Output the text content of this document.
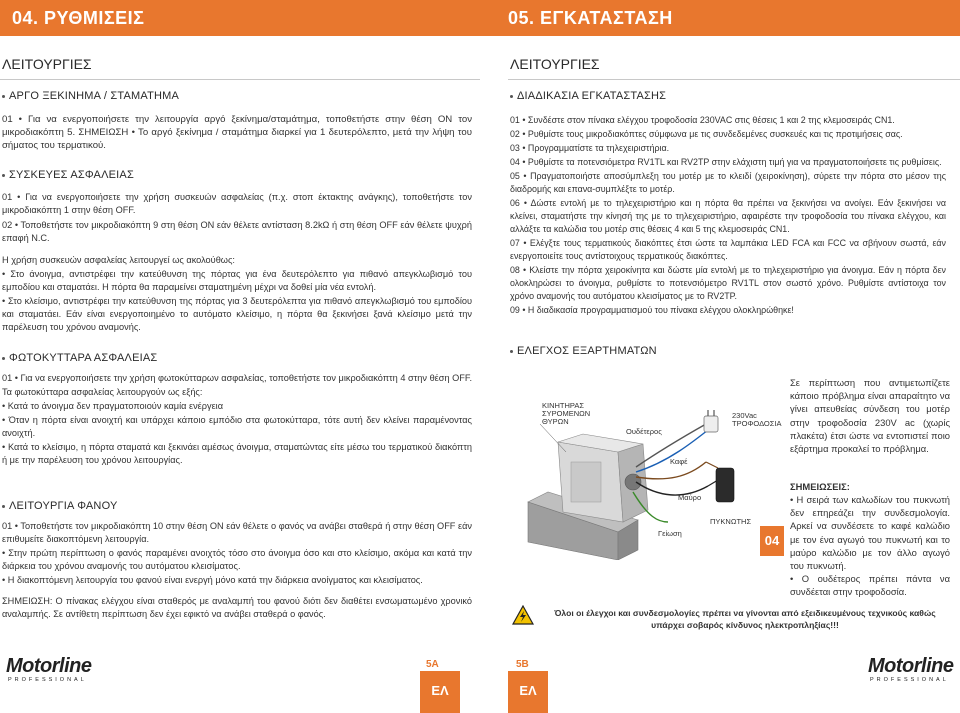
04. ΡΥΘΜΙΣΕΙΣ
ΛΕΙΤΟΥΡΓΙΕΣ
ΑΡΓΟ ΞΕΚΙΝΗΜΑ / ΣΤΑΜΑΤΗΜΑ

01 • Για να ενεργοποιήσετε την λειτουργία αργό ξεκίνημα/σταμάτημα, τοποθετήστε στην θέση ON τον μικροδιακόπτη 5. ΣΗΜΕΙΩΣΗ • Το αργό ξεκίνημα / σταμάτημα διαρκεί για 1 δευτερόλεπτο, μετά την λήψη του σήματος του τερματικού.

ΣΥΣΚΕΥΕΣ ΑΣΦΑΛΕΙΑΣ

01 • Για να ενεργοποιήσετε την χρήση συσκευών ασφαλείας (π.χ. στοπ έκτακτης ανάγκης), τοποθετήστε τον μικροδιακόπτη 1 στην θέση OFF.

02 • Τοποθετήστε τον μικροδιακόπτη 9 στη θέση ON εάν θέλετε αντίσταση 8.2kΩ ή στη θέση OFF εάν θέλετε ψυχρή επαφή N.C.

Η χρήση συσκευών ασφαλείας λειτουργεί ως ακολούθως:

• Στο άνοιγμα, αντιστρέφει την κατεύθυνση της πόρτας για ένα δευτερόλεπτο για πιθανό απεγκλωβισμό του εμποδίου και σταματάει. Η πόρτα θα παραμείνει σταματημένη μέχρι να δοθεί μία νέα εντολή.

• Στο κλείσιμο, αντιστρέφει την κατεύθυνση της πόρτας για 3 δευτερόλεπτα για πιθανό απεγκλωβισμό του εμποδίου και σταματάει. Εάν είναι ενεργοποιημένο το αυτόματο κλείσιμο, η πόρτα θα ξεκινήσει ξανά κλείσιμο μετά την παρέλευση του χρόνου αναμονής.

ΦΩΤΟΚΥΤΤΑΡΑ ΑΣΦΑΛΕΙΑΣ

01 • Για να ενεργοποιήσετε την χρήση φωτοκύτταρων ασφαλείας, τοποθετήστε τον μικροδιακόπτη 4 στην θέση OFF.

Τα φωτοκύτταρα ασφαλείας λειτουργούν ως εξής:

• Κατά το άνοιγμα δεν πραγματοποιούν καμία ενέργεια

• Όταν η πόρτα είναι ανοιχτή και υπάρχει κάποιο εμπόδιο στα φωτοκύτταρα, τότε αυτή δεν κλείνει παραμένοντας ανοιχτή.

• Κατά το κλείσιμο, η πόρτα σταματά και ξεκινάει αμέσως άνοιγμα, σταματώντας είτε μέσω του τερματικού διακόπτη ή με την παρέλευση του χρόνου λειτουργίας.

ΛΕΙΤΟΥΡΓΙΑ ΦΑΝΟΥ

01 • Τοποθετήστε τον μικροδιακόπτη 10 στην θέση ON εάν θέλετε ο φανός να ανάβει σταθερά ή στην θέση OFF εάν επιθυμείτε διακοπτόμενη λειτουργία.

• Στην πρώτη περίπτωση ο φανός παραμένει ανοιχτός τόσο στο άνοιγμα όσο και στο κλείσιμο, ακόμα και κατά την διάρκεια του χρόνου αναμονής του αυτόματου κλεισίματος.

• Η διακοπτόμενη λειτουργία του φανού είναι ενεργή μόνο κατά την διάρκεια ανοίγματος και κλεισίματος.

ΣΗΜΕΙΩΣΗ: Ο πίνακας ελέγχου είναι σταθερός με αναλαμπή του φανού διότι δεν διαθέτει ενσωματωμένο χρονικό αναλαμπής. Σε αντίθετη περίπτωση δεν έχει εφικτό να ανάβει σταθερά ο φανός.

Motorline
PROFESSIONAL
5A
ΕΛ
05. ΕΓΚΑΤΑΣΤΑΣΗ
ΛΕΙΤΟΥΡΓΙΕΣ
ΔΙΑΔΙΚΑΣΙΑ ΕΓΚΑΤΑΣΤΑΣΗΣ

01 • Συνδέστε στον πίνακα ελέγχου τροφοδοσία 230VAC στις θέσεις 1 και 2 της κλεμοσειράς CN1.

02 • Ρυθμίστε τους μικροδιακόπτες σύμφωνα με τις συνδεδεμένες συσκευές και τις προτιμήσεις σας.

03 • Προγραμματίστε τα τηλεχειριστήρια.

04 • Ρυθμίστε τα ποτενσιόμετρα RV1TL και RV2TP στην ελάχιστη τιμή για να πραγματοποιήσετε τις ρυθμίσεις.

05 • Πραγματοποιήστε αποσύμπλεξη του μοτέρ με το κλειδί (χειροκίνηση), σύρετε την πόρτα στο μέσον της διαδρομής και επανα-συμπλέξτε το μοτέρ.

06 • Δώστε εντολή με το τηλεχειριστήριο και η πόρτα θα πρέπει να ξεκινήσει να ανοίγει. Εάν ξεκινήσει να κλείνει, σταματήστε την κίνησή της με το τηλεχειριστήριο, αφαιρέστε την τροφοδοσία του πίνακα ελέγχου, και αλλάξτε τα καλώδια του μοτέρ στις θέσεις 4 και 5 της κλεμοσειράς CN1.

07 • Ελέγξτε τους τερματικούς διακόπτες έτσι ώστε τα λαμπάκια LED FCA και FCC να σβήνουν σωστά, εάν ενεργοποιείτε τους αντίστοιχους τερματικούς διακόπτες.

08 • Κλείστε την πόρτα χειροκίνητα και δώστε μία εντολή με το τηλεχειριστήριο για άνοιγμα. Εάν η πόρτα δεν ολοκληρώσει το άνοιγμα, ρυθμίστε το ποτενσιόμετρο RV1TL στον σωστό χρόνο. Ρυθμίστε αντίστοιχα τον χρόνο αναμονής του αυτόματου κλεισίματος με το RV2TP.

09 • Η διαδικασία προγραμματισμού του πίνακα ελέγχου ολοκληρώθηκε!

ΕΛΕΓΧΟΣ ΕΞΑΡΤΗΜΑΤΩΝ
ΕΛ
5B	Motorline
PROFESSIONAL
ΚΙΝΗΤΗΡΑΣ ΣΥΡΟΜΕΝΩΝ ΘΥΡΩΝ
Ουδέτερος
Καφέ
Μαύρο
Γείωση
ΠΥΚΝΩΤΗΣ
230Vac ΤΡΟΦΟΔΟΣΙΑ
Σε περίπτωση που αντιμετωπίζετε κάποιο πρόβλημα είναι απαραίτητο να γίνει απευθείας σύνδεση του μοτέρ στην τροφοδοσία 230V ac (χωρίς πλακέτα) έτσι ώστε να εντοπιστεί ποιο εξάρτημα προκαλεί το πρόβλημα.
ΣΗΜΕΙΩΣΕΙΣ:
• Η σειρά των καλωδίων του πυκνωτή δεν επηρεάζει την συνδεσμολογία. Αρκεί να συνδέσετε το καφέ καλώδιο με τον ένα αγωγό του πυκνωτή και το μαύρο καλώδιο με τον άλλο αγωγό του πυκνωτή.
• Ο ουδέτερος πρέπει πάντα να συνδέεται στην τροφοδοσία.
04
Όλοι οι έλεγχοι και συνδεσμολογίες πρέπει να γίνονται από εξειδικευμένους τεχνικούς καθώς υπάρχει σοβαρός κίνδυνος ηλεκτροπληξίας!!!
